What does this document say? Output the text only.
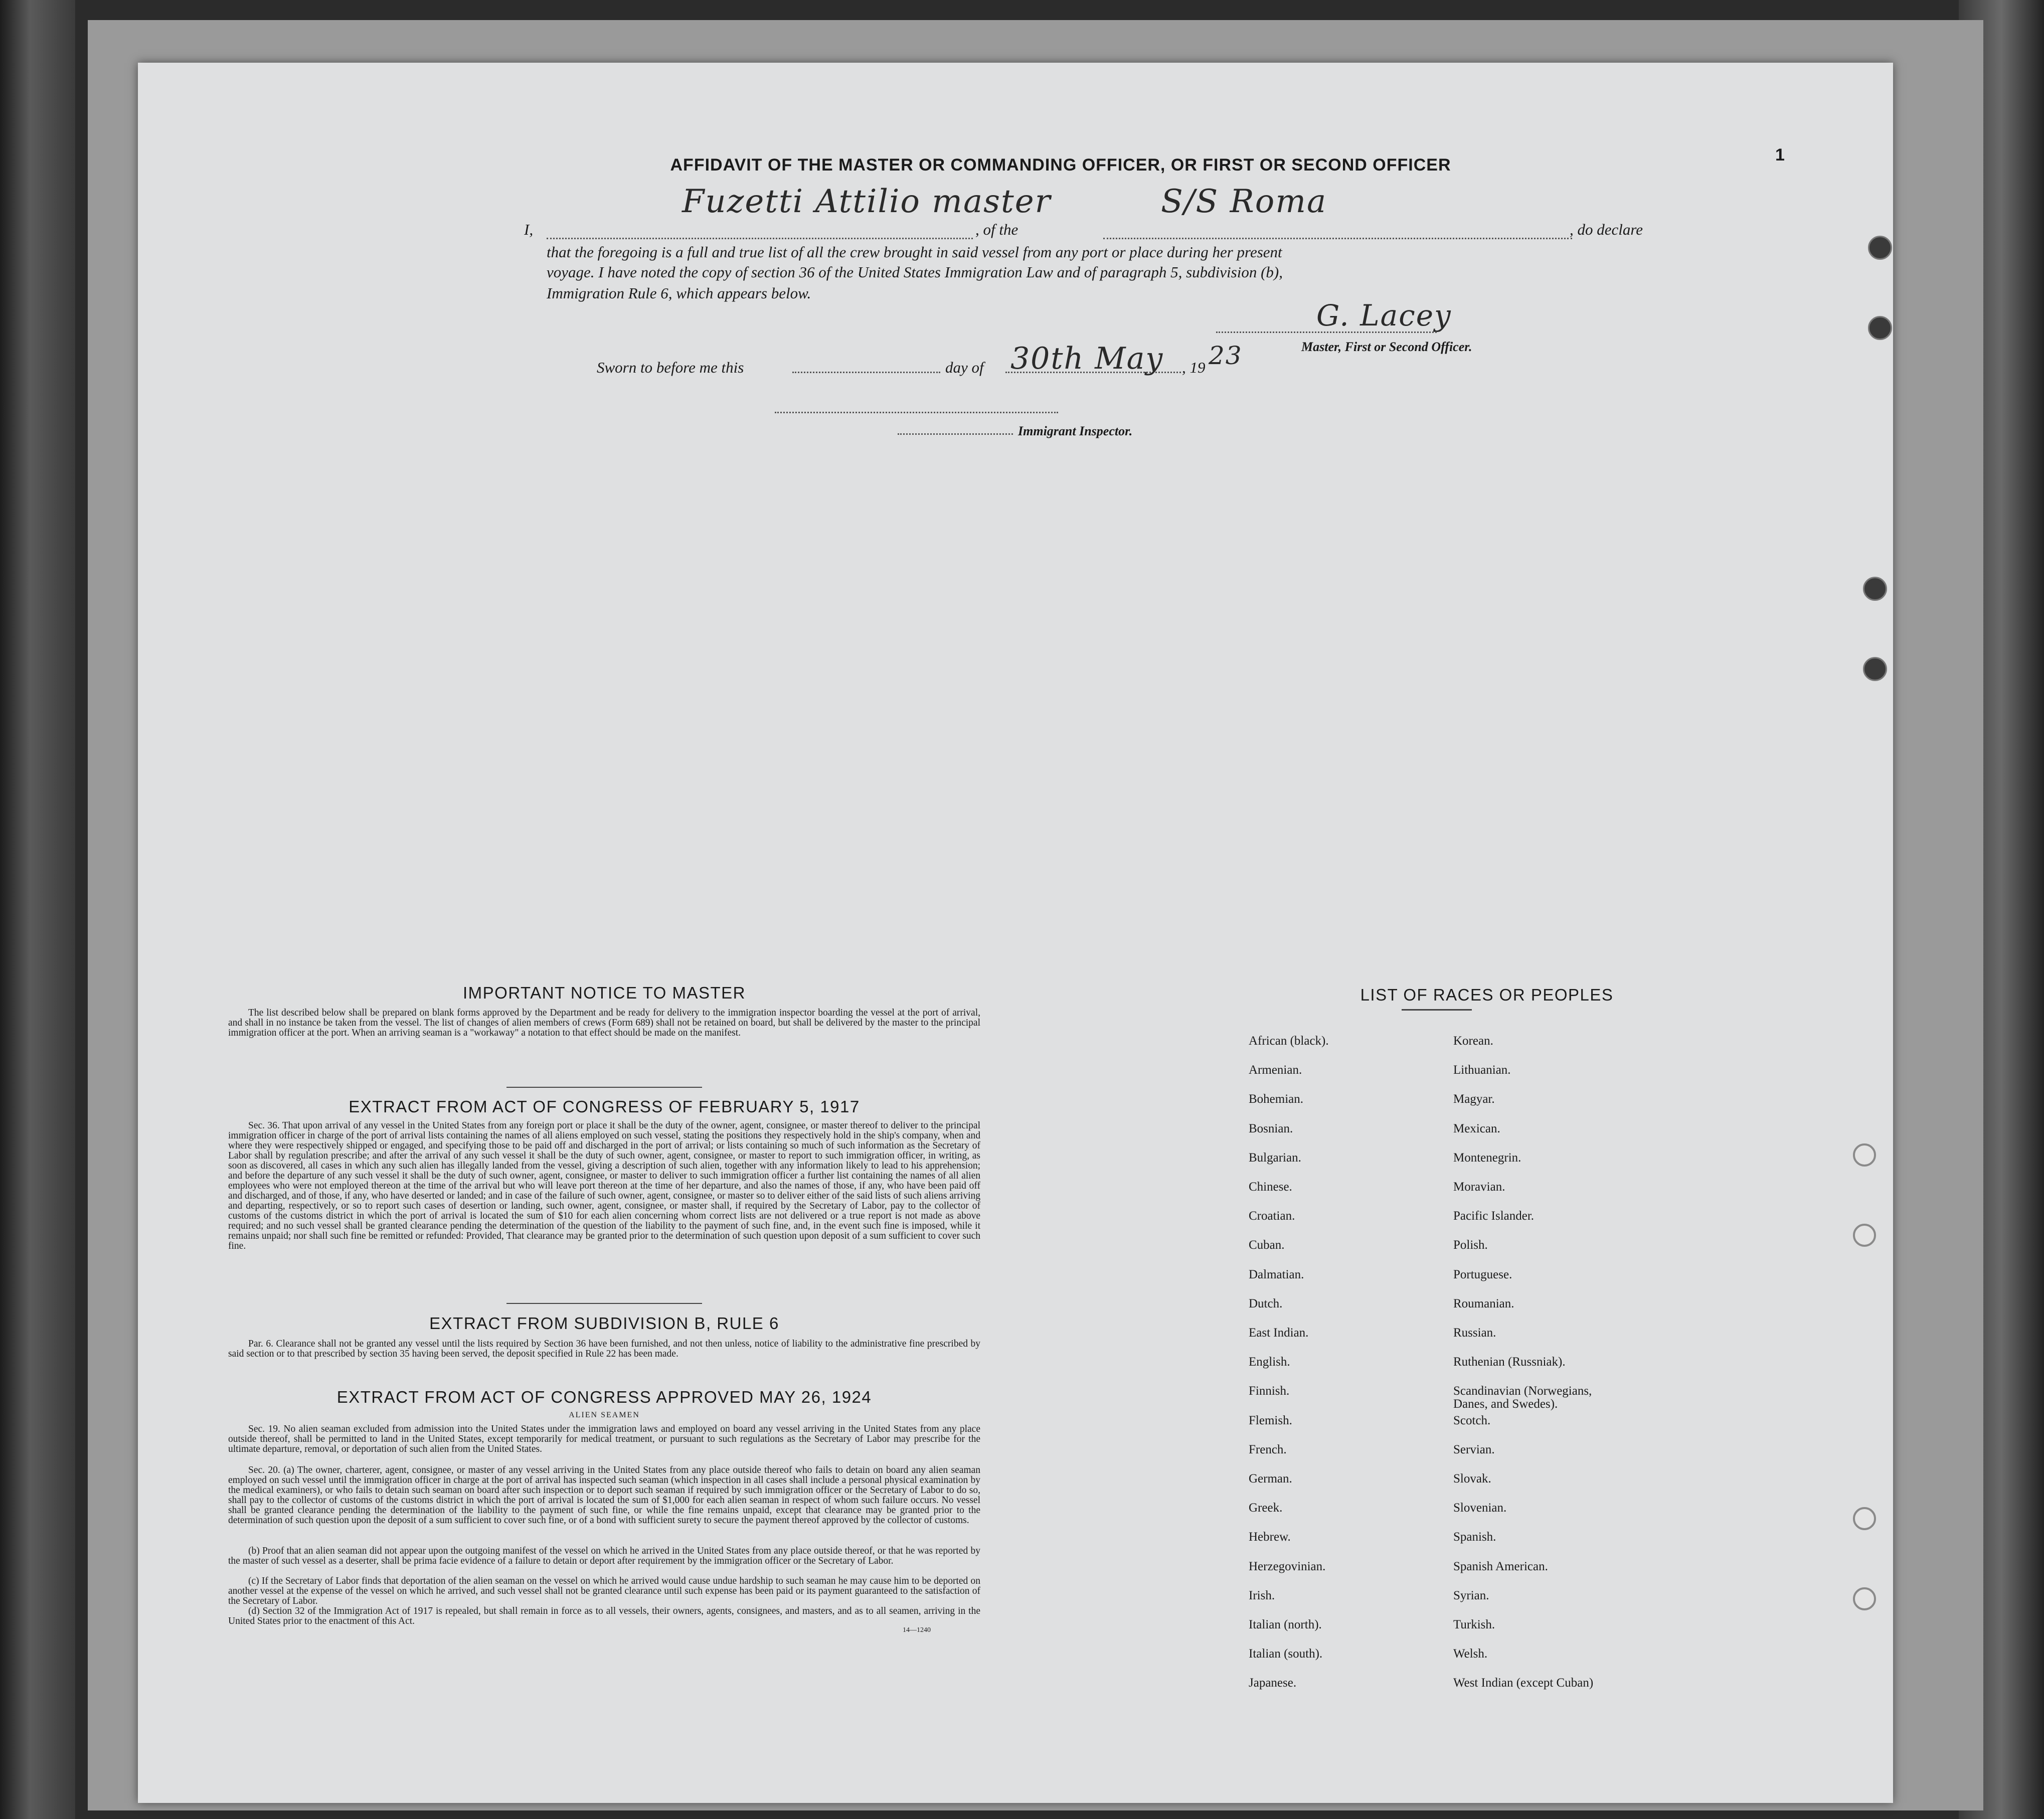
AFFIDAVIT OF THE MASTER OR COMMANDING OFFICER, OR FIRST OR SECOND OFFICER
1
I,
Fuzetti Attilio master
, of the
S/S Roma
, do declare
that the foregoing is a full and true list of all the crew brought in said vessel from any port or place during her present
voyage. I have noted the copy of section 36 of the United States Immigration Law and of paragraph 5, subdivision (b),
Immigration Rule 6, which appears below.
G. Lacey
Master, First or Second Officer.
Sworn to before me this	day of 30th May , 19 23
Immigrant Inspector.
IMPORTANT NOTICE TO MASTER
The list described below shall be prepared on blank forms approved by the Department and be ready for delivery to the immigration inspector boarding the vessel at the port of arrival, and shall in no instance be taken from the vessel. The list of changes of alien members of crews (Form 689) shall not be retained on board, but shall be delivered by the master to the principal immigration officer at the port. When an arriving seaman is a "workaway" a notation to that effect should be made on the manifest.
EXTRACT FROM ACT OF CONGRESS OF FEBRUARY 5, 1917
Sec. 36. That upon arrival of any vessel in the United States from any foreign port or place it shall be the duty of the owner, agent, consignee, or master thereof to deliver to the principal immigration officer in charge of the port of arrival lists containing the names of all aliens employed on such vessel, stating the positions they respectively hold in the ship's company, when and where they were respectively shipped or engaged, and specifying those to be paid off and discharged in the port of arrival; or lists containing so much of such information as the Secretary of Labor shall by regulation prescribe; and after the arrival of any such vessel it shall be the duty of such owner, agent, consignee, or master to report to such immigration officer, in writing, as soon as discovered, all cases in which any such alien has illegally landed from the vessel, giving a description of such alien, together with any information likely to lead to his apprehension; and before the departure of any such vessel it shall be the duty of such owner, agent, consignee, or master to deliver to such immigration officer a further list containing the names of all alien employees who were not employed thereon at the time of the arrival but who will leave port thereon at the time of her departure, and also the names of those, if any, who have been paid off and discharged, and of those, if any, who have deserted or landed; and in case of the failure of such owner, agent, consignee, or master so to deliver either of the said lists of such aliens arriving and departing, respectively, or so to report such cases of desertion or landing, such owner, agent, consignee, or master shall, if required by the Secretary of Labor, pay to the collector of customs of the customs district in which the port of arrival is located the sum of $10 for each alien concerning whom correct lists are not delivered or a true report is not made as above required; and no such vessel shall be granted clearance pending the determination of the question of the liability to the payment of such fine, and, in the event such fine is imposed, while it remains unpaid; nor shall such fine be remitted or refunded: Provided, That clearance may be granted prior to the determination of such question upon deposit of a sum sufficient to cover such fine.
EXTRACT FROM SUBDIVISION B, RULE 6
Par. 6. Clearance shall not be granted any vessel until the lists required by Section 36 have been furnished, and not then unless, notice of liability to the administrative fine prescribed by said section or to that prescribed by section 35 having been served, the deposit specified in Rule 22 has been made.
EXTRACT FROM ACT OF CONGRESS APPROVED MAY 26, 1924
ALIEN SEAMEN
Sec. 19. No alien seaman excluded from admission into the United States under the immigration laws and employed on board any vessel arriving in the United States from any place outside thereof, shall be permitted to land in the United States, except temporarily for medical treatment, or pursuant to such regulations as the Secretary of Labor may prescribe for the ultimate departure, removal, or deportation of such alien from the United States.
Sec. 20. (a) The owner, charterer, agent, consignee, or master of any vessel arriving in the United States from any place outside thereof who fails to detain on board any alien seaman employed on such vessel until the immigration officer in charge at the port of arrival has inspected such seaman (which inspection in all cases shall include a personal physical examination by the medical examiners), or who fails to detain such seaman on board after such inspection or to deport such seaman if required by such immigration officer or the Secretary of Labor to do so, shall pay to the collector of customs of the customs district in which the port of arrival is located the sum of $1,000 for each alien seaman in respect of whom such failure occurs. No vessel shall be granted clearance pending the determination of the liability to the payment of such fine, or while the fine remains unpaid, except that clearance may be granted prior to the determination of such question upon the deposit of a sum sufficient to cover such fine, or of a bond with sufficient surety to secure the payment thereof approved by the collector of customs.
(b) Proof that an alien seaman did not appear upon the outgoing manifest of the vessel on which he arrived in the United States from any place outside thereof, or that he was reported by the master of such vessel as a deserter, shall be prima facie evidence of a failure to detain or deport after requirement by the immigration officer or the Secretary of Labor.
(c) If the Secretary of Labor finds that deportation of the alien seaman on the vessel on which he arrived would cause undue hardship to such seaman he may cause him to be deported on another vessel at the expense of the vessel on which he arrived, and such vessel shall not be granted clearance until such expense has been paid or its payment guaranteed to the satisfaction of the Secretary of Labor.
(d) Section 32 of the Immigration Act of 1917 is repealed, but shall remain in force as to all vessels, their owners, agents, consignees, and masters, and as to all seamen, arriving in the United States prior to the enactment of this Act.
14—1240
LIST OF RACES OR PEOPLES
African (black).
Armenian.
Bohemian.
Bosnian.
Bulgarian.
Chinese.
Croatian.
Cuban.
Dalmatian.
Dutch.
East Indian.
English.
Finnish.
Flemish.
French.
German.
Greek.
Hebrew.
Herzegovinian.
Irish.
Italian (north).
Italian (south).
Japanese.
Korean.
Lithuanian.
Magyar.
Mexican.
Montenegrin.
Moravian.
Pacific Islander.
Polish.
Portuguese.
Roumanian.
Russian.
Ruthenian (Russniak).
Scandinavian (Norwegians,
Danes, and Swedes).
Scotch.
Servian.
Slovak.
Slovenian.
Spanish.
Spanish American.
Syrian.
Turkish.
Welsh.
West Indian (except Cuban)
